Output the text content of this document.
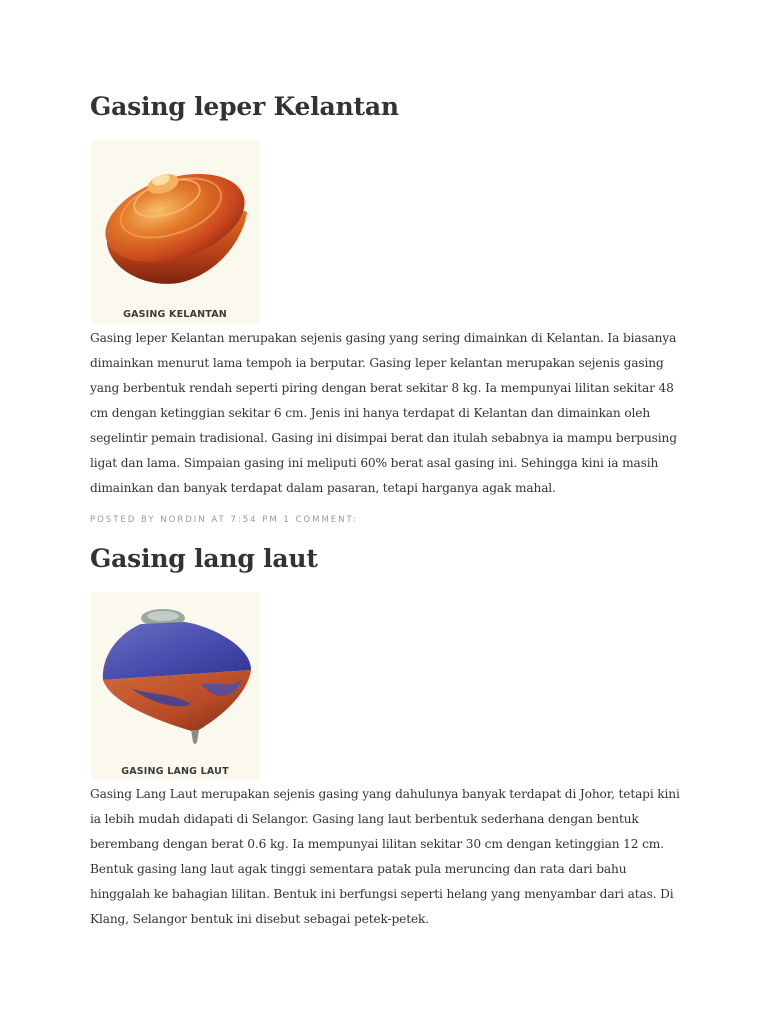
Gasing leper Kelantan
GASING KELANTAN

Gasing leper Kelantan merupakan sejenis gasing yang sering dimainkan di Kelantan. Ia biasanya dimainkan menurut lama tempoh ia berputar. Gasing leper kelantan merupakan sejenis gasing yang berbentuk rendah seperti piring dengan berat sekitar 8 kg. Ia mempunyai lilitan sekitar 48 cm dengan ketinggian sekitar 6 cm. Jenis ini hanya terdapat di Kelantan dan dimainkan oleh segelintir pemain tradisional. Gasing ini disimpai berat dan itulah sebabnya ia mampu berpusing ligat dan lama. Simpaian gasing ini meliputi 60% berat asal gasing ini. Sehingga kini ia masih dimainkan dan banyak terdapat dalam pasaran, tetapi harganya agak mahal.

POSTED BY NORDIN AT 7:54 PM 1 COMMENT:
Gasing lang laut
GASING LANG LAUT

Gasing Lang Laut merupakan sejenis gasing yang dahulunya banyak terdapat di Johor, tetapi kini ia lebih mudah didapati di Selangor. Gasing lang laut berbentuk sederhana dengan bentuk berembang dengan berat 0.6 kg. Ia mempunyai lilitan sekitar 30 cm dengan ketinggian 12 cm. Bentuk gasing lang laut agak tinggi sementara patak pula meruncing dan rata dari bahu hinggalah ke bahagian lilitan. Bentuk ini berfungsi seperti helang yang menyambar dari atas. Di Klang, Selangor bentuk ini disebut sebagai petek-petek.
